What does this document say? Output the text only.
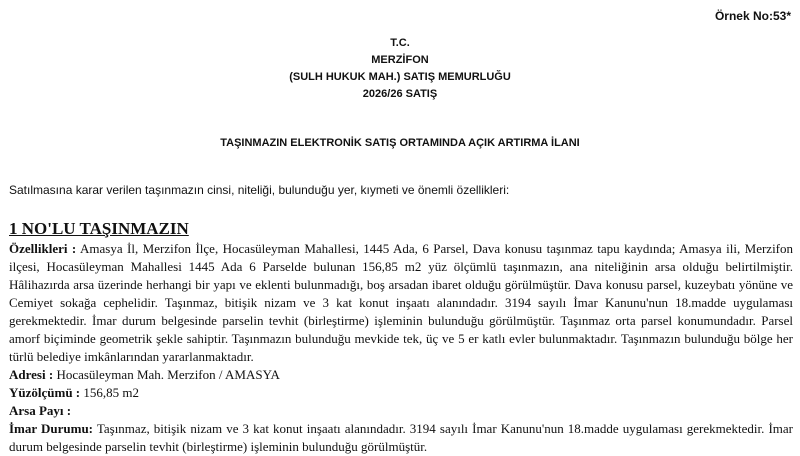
Örnek No:53*
T.C.
MERZİFON
(SULH HUKUK MAH.) SATIŞ MEMURLUĞU
2026/26 SATIŞ
TAŞINMAZIN ELEKTRONİK SATIŞ ORTAMINDA AÇIK ARTIRMA İLANI
Satılmasına karar verilen taşınmazın cinsi, niteliği, bulunduğu yer, kıymeti ve önemli özellikleri:
1 NO'LU TAŞINMAZIN

Özellikleri : Amasya İl, Merzifon İlçe, Hocasüleyman Mahallesi, 1445 Ada, 6 Parsel, Dava konusu taşınmaz tapu kaydında; Amasya ili, Merzifon ilçesi, Hocasüleyman Mahallesi 1445 Ada 6 Parselde bulunan 156,85 m2 yüz ölçümlü taşınmazın, ana niteliğinin arsa olduğu belirtilmiştir. Hâlihazırda arsa üzerinde herhangi bir yapı ve eklenti bulunmadığı, boş arsadan ibaret olduğu görülmüştür. Dava konusu parsel, kuzeybatı yönüne ve Cemiyet sokağa cephelidir. Taşınmaz, bitişik nizam ve 3 kat konut inşaatı alanındadır. 3194 sayılı İmar Kanunu'nun 18.madde uygulaması gerekmektedir. İmar durum belgesinde parselin tevhit (birleştirme) işleminin bulunduğu görülmüştür. Taşınmaz orta parsel konumundadır. Parsel amorf biçiminde geometrik şekle sahiptir. Taşınmazın bulunduğu mevkide tek, üç ve 5 er katlı evler bulunmaktadır. Taşınmazın bulunduğu bölge her türlü belediye imkânlarından yararlanmaktadır.

Adresi : Hocasüleyman Mah. Merzifon / AMASYA

Yüzölçümü : 156,85 m2

Arsa Payı :

İmar Durumu: Taşınmaz, bitişik nizam ve 3 kat konut inşaatı alanındadır. 3194 sayılı İmar Kanunu'nun 18.madde uygulaması gerekmektedir. İmar durum belgesinde parselin tevhit (birleştirme) işleminin bulunduğu görülmüştür.
